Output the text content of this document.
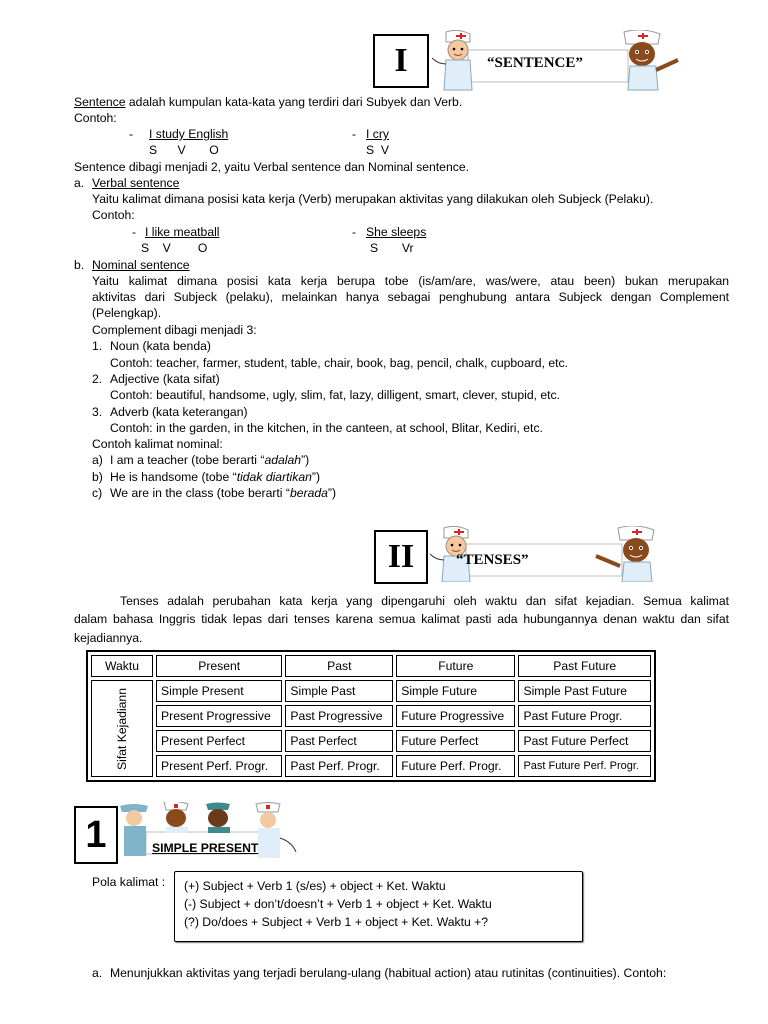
I	“SENTENCE”
Sentence adalah kumpulan kata-kata yang terdiri dari Subyek dan Verb.
Contoh:
- I study English
S      V       O
- I cry
S  V
Sentence dibagi menjadi 2, yaitu Verbal sentence dan Nominal sentence.
a. Verbal sentence
Yaitu kalimat dimana posisi kata kerja (Verb) merupakan aktivitas yang dilakukan oleh Subjeck (Pelaku).
Contoh:
- I like meatball
S    V        O
- She sleeps
S       Vr
b. Nominal sentence
Yaitu kalimat dimana posisi kata kerja berupa tobe (is/am/are, was/were, atau been) bukan merupakan
aktivitas dari Subjeck (pelaku), melainkan hanya sebagai penghubung antara Subjeck dengan Complement
(Pelengkap).
Complement dibagi menjadi 3:
1. Noun (kata benda)
Contoh: teacher, farmer, student, table, chair, book, bag, pencil, chalk, cupboard, etc.
2. Adjective (kata sifat)
Contoh: beautiful, handsome, ugly, slim, fat, lazy, dilligent, smart, clever, stupid, etc.
3. Adverb (kata keterangan)
Contoh: in the garden, in the kitchen, in the canteen, at school, Blitar, Kediri, etc.
Contoh kalimat nominal:
a) I am a teacher (tobe berarti “adalah”)
b) He is handsome (tobe “tidak diartikan”)
c) We are in the class (tobe berarti “berada”)
II	“TENSES”
Tenses adalah perubahan kata kerja yang dipengaruhi oleh waktu dan sifat kejadian. Semua kalimat
dalam bahasa Inggris tidak lepas dari tenses karena semua kalimat pasti ada hubungannya denan waktu dan sifat
kejadiannya.
Waktu	Present	Past	Future	Past Future

Sifat Kejadiann	Simple Present	Simple Past	Simple Future	Simple Past Future
	Present Progressive	Past Progressive	Future Progressive	Past Future Progr.
	Present Perfect	Past Perfect	Future Perfect	Past Future Perfect
	Present Perf. Progr.	Past Perf. Progr.	Future Perf. Progr.	Past Future Perf. Progr.
1	SIMPLE PRESENT
Pola kalimat : (+) Subject + Verb 1 (s/es) + object + Ket. Waktu
(-) Subject + don’t/doesn’t + Verb 1 + object + Ket. Waktu
(?) Do/does + Subject + Verb 1 + object + Ket. Waktu +?
a. Menunjukkan aktivitas yang terjadi berulang-ulang (habitual action) atau rutinitas (continuities). Contoh:
